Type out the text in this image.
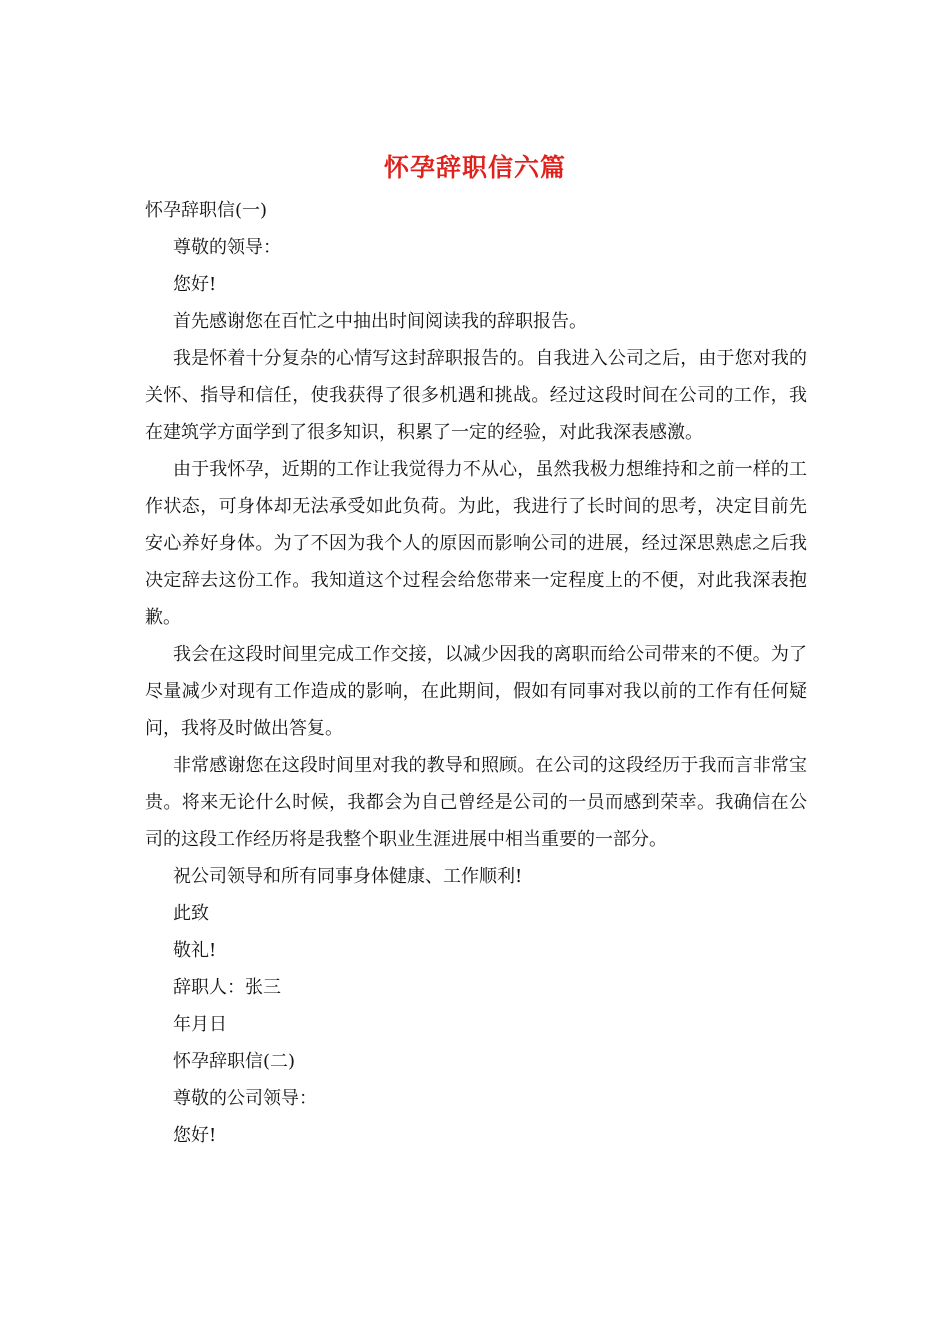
怀孕辞职信六篇

怀孕辞职信(一)

尊敬的领导：

您好!

首先感谢您在百忙之中抽出时间阅读我的辞职报告。

我是怀着十分复杂的心情写这封辞职报告的。自我进入公司之后，由于您对我的关怀、指导和信任，使我获得了很多机遇和挑战。经过这段时间在公司的工作，我在建筑学方面学到了很多知识，积累了一定的经验，对此我深表感激。

由于我怀孕，近期的工作让我觉得力不从心，虽然我极力想维持和之前一样的工作状态，可身体却无法承受如此负荷。为此，我进行了长时间的思考，决定目前先安心养好身体。为了不因为我个人的原因而影响公司的进展，经过深思熟虑之后我决定辞去这份工作。我知道这个过程会给您带来一定程度上的不便，对此我深表抱歉。

我会在这段时间里完成工作交接，以减少因我的离职而给公司带来的不便。为了尽量减少对现有工作造成的影响，在此期间，假如有同事对我以前的工作有任何疑问，我将及时做出答复。

非常感谢您在这段时间里对我的教导和照顾。在公司的这段经历于我而言非常宝贵。将来无论什么时候，我都会为自己曾经是公司的一员而感到荣幸。我确信在公司的这段工作经历将是我整个职业生涯进展中相当重要的一部分。

祝公司领导和所有同事身体健康、工作顺利!

此致

敬礼!

辞职人：张三

年月日

怀孕辞职信(二)

尊敬的公司领导：

您好!
